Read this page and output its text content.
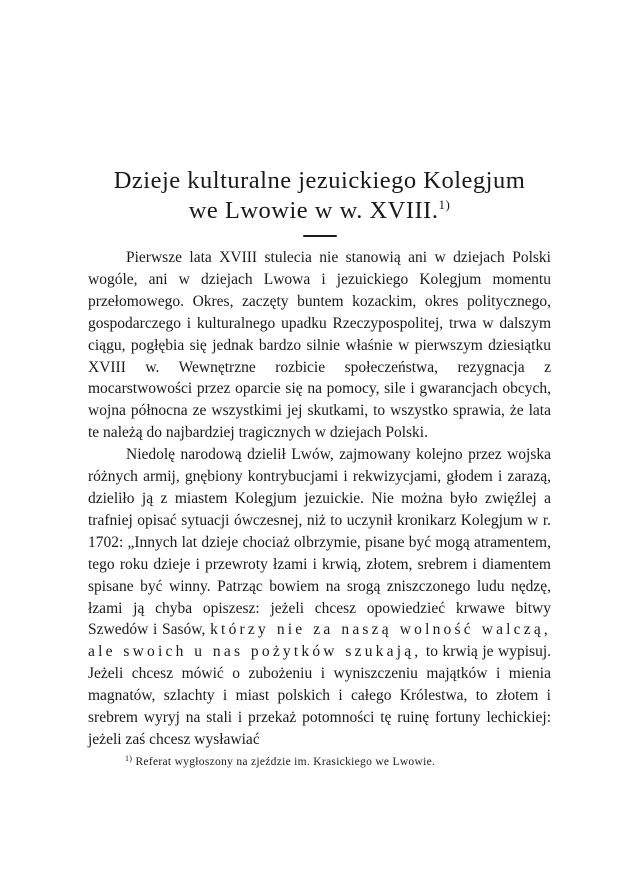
Dzieje kulturalne jezuickiego Kolegjum
we Lwowie w w. XVIII.$^{1)}$

Pierwsze lata XVIII stulecia nie stanowią ani w dziejach Polski wogóle, ani w dziejach Lwowa i jezuickiego Kolegjum momentu przełomowego. Okres, zaczęty buntem kozackim, okres politycznego, gospodarczego i kulturalnego upadku Rzeczypospolitej, trwa w dalszym ciągu, pogłębia się jednak bardzo silnie właśnie w pierwszym dziesiątku XVIII w. Wewnętrzne rozbicie społeczeństwa, rezygnacja z mocarstwowości przez oparcie się na pomocy, sile i gwarancjach obcych, wojna północna ze wszystkimi jej skutkami, to wszystko sprawia, że lata te należą do najbardziej tragicznych w dziejach Polski.

Niedolę narodową dzielił Lwów, zajmowany kolejno przez wojska różnych armij, gnębiony kontrybucjami i rekwizycjami, głodem i zarazą, dzieliło ją z miastem Kolegjum jezuickie. Nie można było zwięźlej a trafniej opisać sytuacji ówczesnej, niż to uczynił kronikarz Kolegjum w r. 1702: „Innych lat dzieje chociaż olbrzymie, pisane być mogą atramentem, tego roku dzieje i przewroty łzami i krwią, złotem, srebrem i diamentem spisane być winny. Patrząc bowiem na srogą zniszczonego ludu nędzę, łzami ją chyba opiszesz: jeżeli chcesz opowiedzieć krwawe bitwy Szwedów i Sasów, którzy nie za naszą wolność walczą, ale swoich u nas pożytków szukają, to krwią je wypisuj. Jeżeli chcesz mówić o zubożeniu i wyniszczeniu majątków i mienia magnatów, szlachty i miast polskich i całego Królestwa, to złotem i srebrem wyryj na stali i przekaż potomności tę ruinę fortuny lechickiej: jeżeli zaś chcesz wysławiać

$^{1)}$ Referat wygłoszony na zjeździe im. Krasickiego we Lwowie.
